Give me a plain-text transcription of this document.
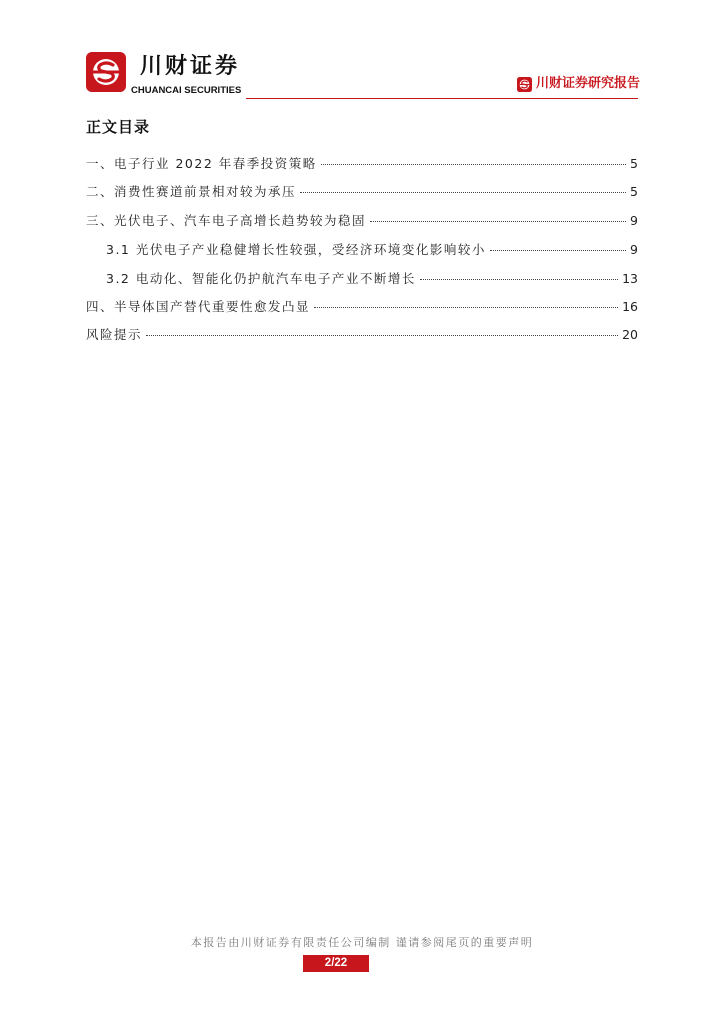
川财证券
CHUANCAI SECURITIES	川财证券研究报告
正文目录
一、电子行业 2022 年春季投资策略	5
二、消费性赛道前景相对较为承压	5
三、光伏电子、汽车电子高增长趋势较为稳固	9
3.1 光伏电子产业稳健增长性较强，受经济环境变化影响较小	9
3.2 电动化、智能化仍护航汽车电子产业不断增长	13
四、半导体国产替代重要性愈发凸显	16
风险提示	20
本报告由川财证券有限责任公司编制 谨请参阅尾页的重要声明
2/22
